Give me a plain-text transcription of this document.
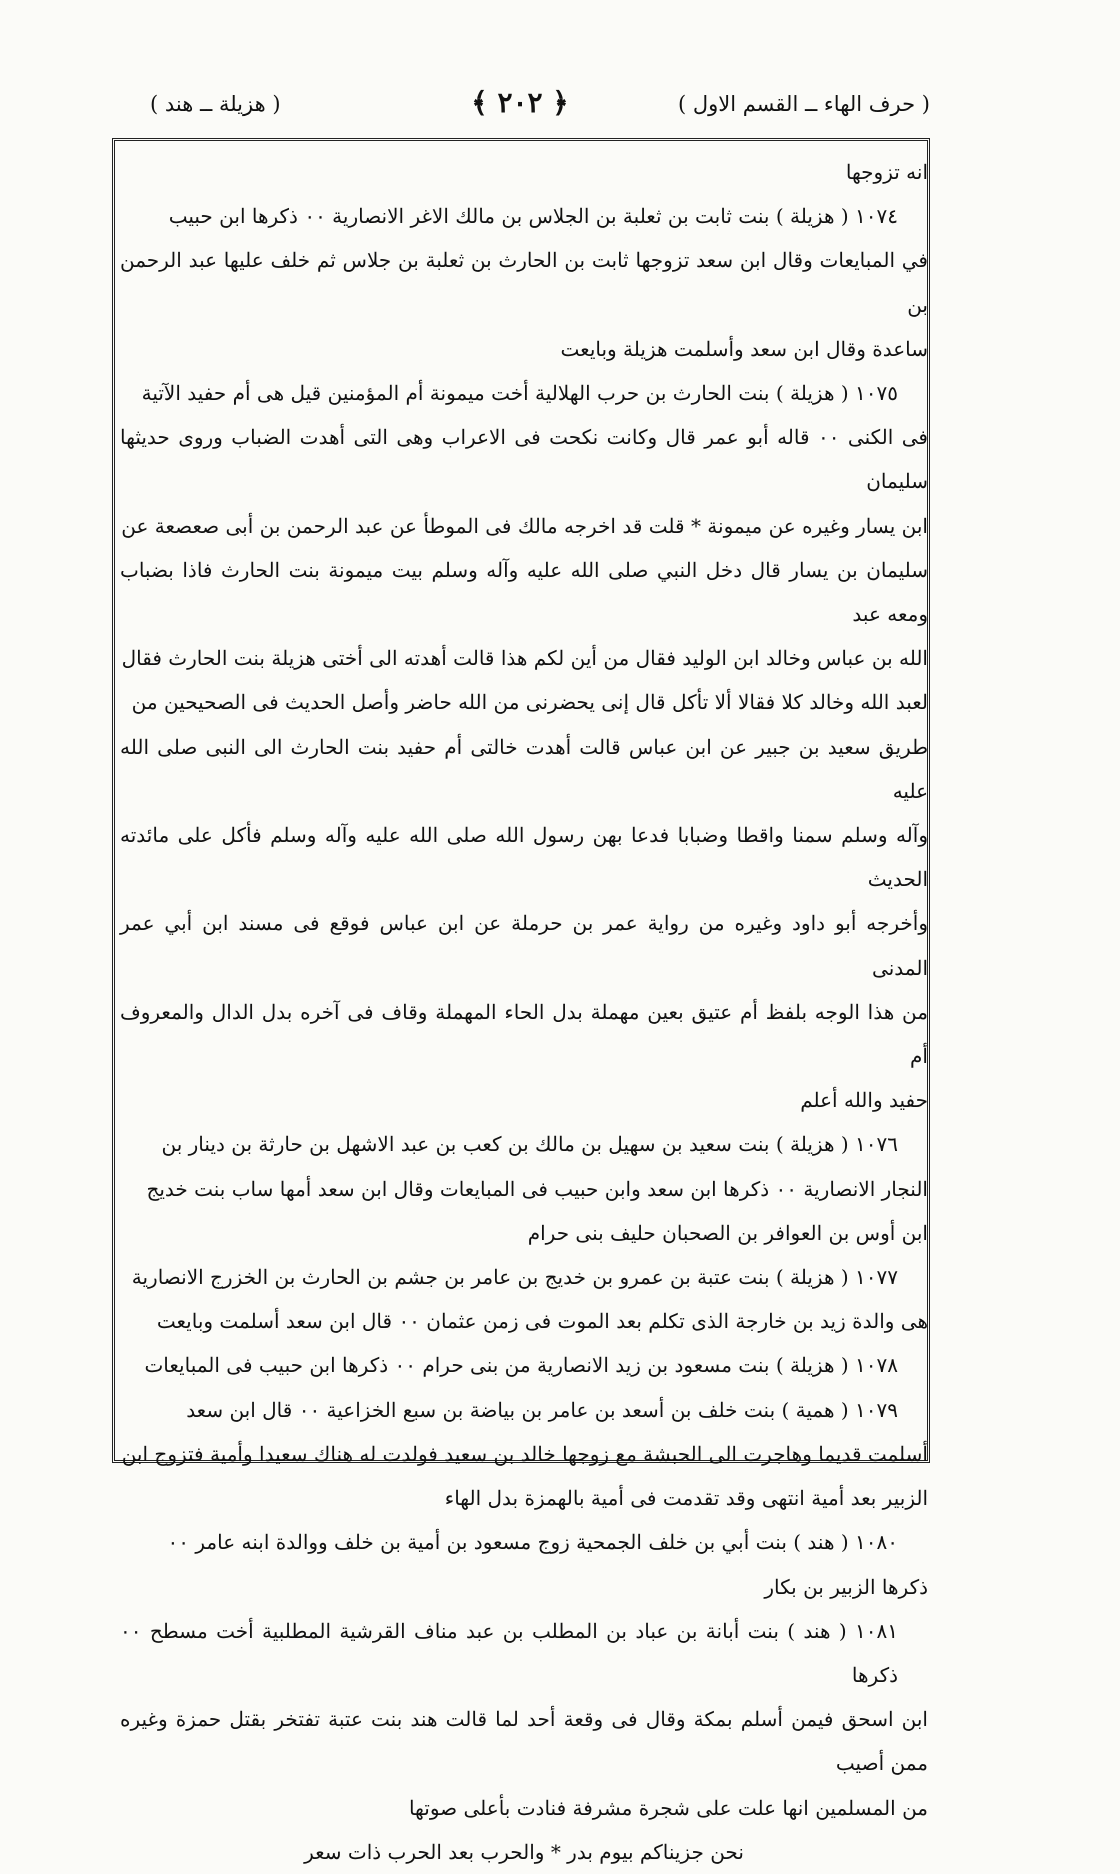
( حرف الهاء ــ القسم الاول )
﴿ ٢٠٢ ﴾
( هزيلة ــ هند )

انه تزوجها

١٠٧٤ ( هزيلة ) بنت ثابت بن ثعلبة بن الجلاس بن مالك الاغر الانصارية ٠٠ ذكرها ابن حبيب

في المبايعات وقال ابن سعد تزوجها ثابت بن الحارث بن ثعلبة بن جلاس ثم خلف عليها عبد الرحمن بن

ساعدة وقال ابن سعد وأسلمت هزيلة وبايعت

١٠٧٥ ( هزيلة ) بنت الحارث بن حرب الهلالية أخت ميمونة أم المؤمنين قيل هى أم حفيد الآتية

فى الكنى ٠٠ قاله أبو عمر قال وكانت نكحت فى الاعراب وهى التى أهدت الضباب وروى حديثها سليمان

ابن يسار وغيره عن ميمونة * قلت قد اخرجه مالك فى الموطأ عن عبد الرحمن بن أبى صعصعة عن

سليمان بن يسار قال دخل النبي صلى الله عليه وآله وسلم بيت ميمونة بنت الحارث فاذا بضباب ومعه عبد

الله بن عباس وخالد ابن الوليد فقال من أين لكم هذا قالت أهدته الى أختى هزيلة بنت الحارث فقال

لعبد الله وخالد كلا فقالا ألا تأكل قال إنى يحضرنى من الله حاضر وأصل الحديث فى الصحيحين من

طريق سعيد بن جبير عن ابن عباس قالت أهدت خالتى أم حفيد بنت الحارث الى النبى صلى الله عليه

وآله وسلم سمنا واقطا وضبابا فدعا بهن رسول الله صلى الله عليه وآله وسلم فأكل على مائدته الحديث

وأخرجه أبو داود وغيره من رواية عمر بن حرملة عن ابن عباس فوقع فى مسند ابن أبي عمر المدنى

من هذا الوجه بلفظ أم عتيق بعين مهملة بدل الحاء المهملة وقاف فى آخره بدل الدال والمعروف أم

حفيد والله أعلم

١٠٧٦ ( هزيلة ) بنت سعيد بن سهيل بن مالك بن كعب بن عبد الاشهل بن حارثة بن دينار بن

النجار الانصارية ٠٠ ذكرها ابن سعد وابن حبيب فى المبايعات وقال ابن سعد أمها ساب بنت خديج

ابن أوس بن العوافر بن الصحبان حليف بنى حرام

١٠٧٧ ( هزيلة ) بنت عتبة بن عمرو بن خديج بن عامر بن جشم بن الحارث بن الخزرج الانصارية

هى والدة زيد بن خارجة الذى تكلم بعد الموت فى زمن عثمان ٠٠ قال ابن سعد أسلمت وبايعت

١٠٧٨ ( هزيلة ) بنت مسعود بن زيد الانصارية من بنى حرام ٠٠ ذكرها ابن حبيب فى المبايعات

١٠٧٩ ( همية ) بنت خلف بن أسعد بن عامر بن بياضة بن سبع الخزاعية ٠٠ قال ابن سعد

أسلمت قديما وهاجرت الى الحبشة مع زوجها خالد بن سعيد فولدت له هناك سعيدا وأمية فتزوج ابن

الزبير بعد أمية انتهى وقد تقدمت فى أمية بالهمزة بدل الهاء

١٠٨٠ ( هند ) بنت أبي بن خلف الجمحية زوج مسعود بن أمية بن خلف ووالدة ابنه عامر ٠٠

ذكرها الزبير بن بكار

١٠٨١ ( هند ) بنت أبانة بن عباد بن المطلب بن عبد مناف القرشية المطلبية أخت مسطح ٠٠ ذكرها

ابن اسحق فيمن أسلم بمكة وقال فى وقعة أحد لما قالت هند بنت عتبة تفتخر بقتل حمزة وغيره ممن أصيب

من المسلمين انها علت على شجرة مشرفة فنادت بأعلى صوتها

نحن جزيناكم بيوم بدر * والحرب بعد الحرب ذات سعر
